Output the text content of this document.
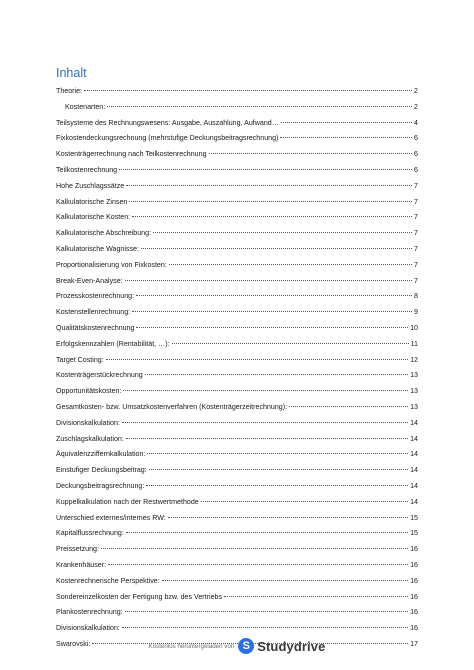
Inhalt
Theorie:	2
Kostenarten:	2
Teilsysteme des Rechnungswesens: Ausgabe, Auszahlung, Aufwand…	4
Fixkostendeckungsrechnung (mehrstufige Deckungsbeitragsrechnung)	6
Kostenträgerrechnung nach Teilkostenrechnung	6
Teilkostenrechnung	6
Hohe Zuschlagssätze	7
Kalkulatorische Zinsen	7
Kalkulatorische Kosten:	7
Kalkulatorische Abschreibung:	7
Kalkulatorische Wagnisse:	7
Proportionalisierung von Fixkosten:	7
Break-Even-Analyse:	7
Prozesskostenrechnung:	8
Kostenstellenrechnung:	9
Qualitätskostenrechnung	10
Erfolgskennzahlen (Rentabilität, …):	11
Target Costing:	12
Kostenträgerstückrechnung	13
Opportunitätskosten:	13
Gesamtkosten- bzw. Umsatzkostenverfahren (Kostenträgerzeitrechnung):	13
Divisionskalkulation:	14
Zuschlagskalkulation:	14
Äquivalenzziffernkalkulation:	14
Einstufiger Deckungsbeitrag:	14
Deckungsbeitragsrechnung:	14
Kuppelkalkulation nach der Restwertmethode	14
Unterschied externes/internes RW:	15
Kapitalflussrechnung:	15
Preissetzung:	16
Krankenhäuser:	16
Kostenrechnerische Perspektive:	16
Sondereinzelkosten der Fertigung bzw. des Vertriebs	16
Plankostenrechnung:	16
Divisionskalkulation:	16
Swarovski:	17
Kostenlos heruntergeladen von S Studydrive
